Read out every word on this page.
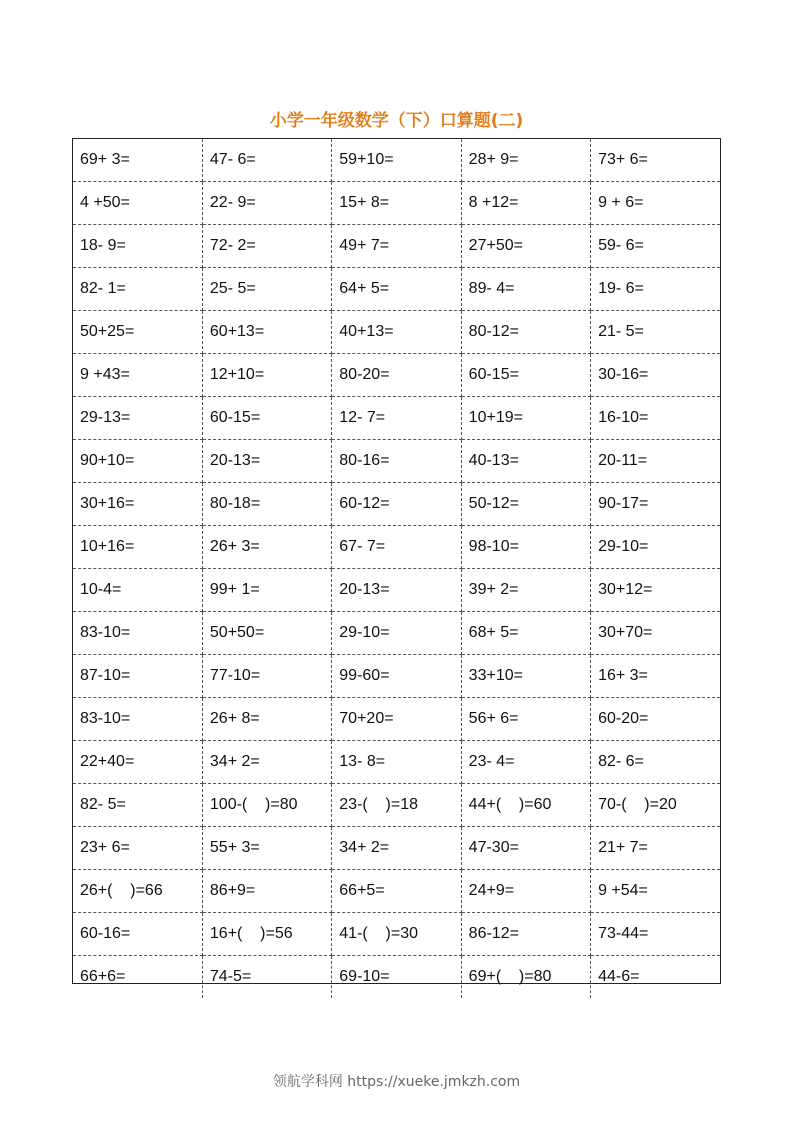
小学一年级数学（下）口算题(二)
69+ 3=	47- 6=	59+10=	28+ 9=	73+ 6=
4 +50=	22- 9=	15+ 8=	8 +12=	9 + 6=
18- 9=	72- 2=	49+ 7=	27+50=	59- 6=
82- 1=	25- 5=	64+ 5=	89- 4=	19- 6=
50+25=	60+13=	40+13=	80-12=	21- 5=
9 +43=	12+10=	80-20=	60-15=	30-16=
29-13=	60-15=	12- 7=	10+19=	16-10=
90+10=	20-13=	80-16=	40-13=	20-11=
30+16=	80-18=	60-12=	50-12=	90-17=
10+16=	26+ 3=	67- 7=	98-10=	29-10=
10-4=	99+ 1=	20-13=	39+ 2=	30+12=
83-10=	50+50=	29-10=	68+ 5=	30+70=
87-10=	77-10=	99-60=	33+10=	16+ 3=
83-10=	26+ 8=	70+20=	56+ 6=	60-20=
22+40=	34+ 2=	13- 8=	23- 4=	82- 6=
82- 5=	100-(    )=80	23-(    )=18	44+(    )=60	70-(    )=20
23+ 6=	55+ 3=	34+ 2=	47-30=	21+ 7=
26+(    )=66	86+9=	66+5=	24+9=	9 +54=
60-16=	16+(    )=56	41-(    )=30	86-12=	73-44=
66+6=	74-5=	69-10=	69+(    )=80	44-6=
领航学科网 https://xueke.jmkzh.com
